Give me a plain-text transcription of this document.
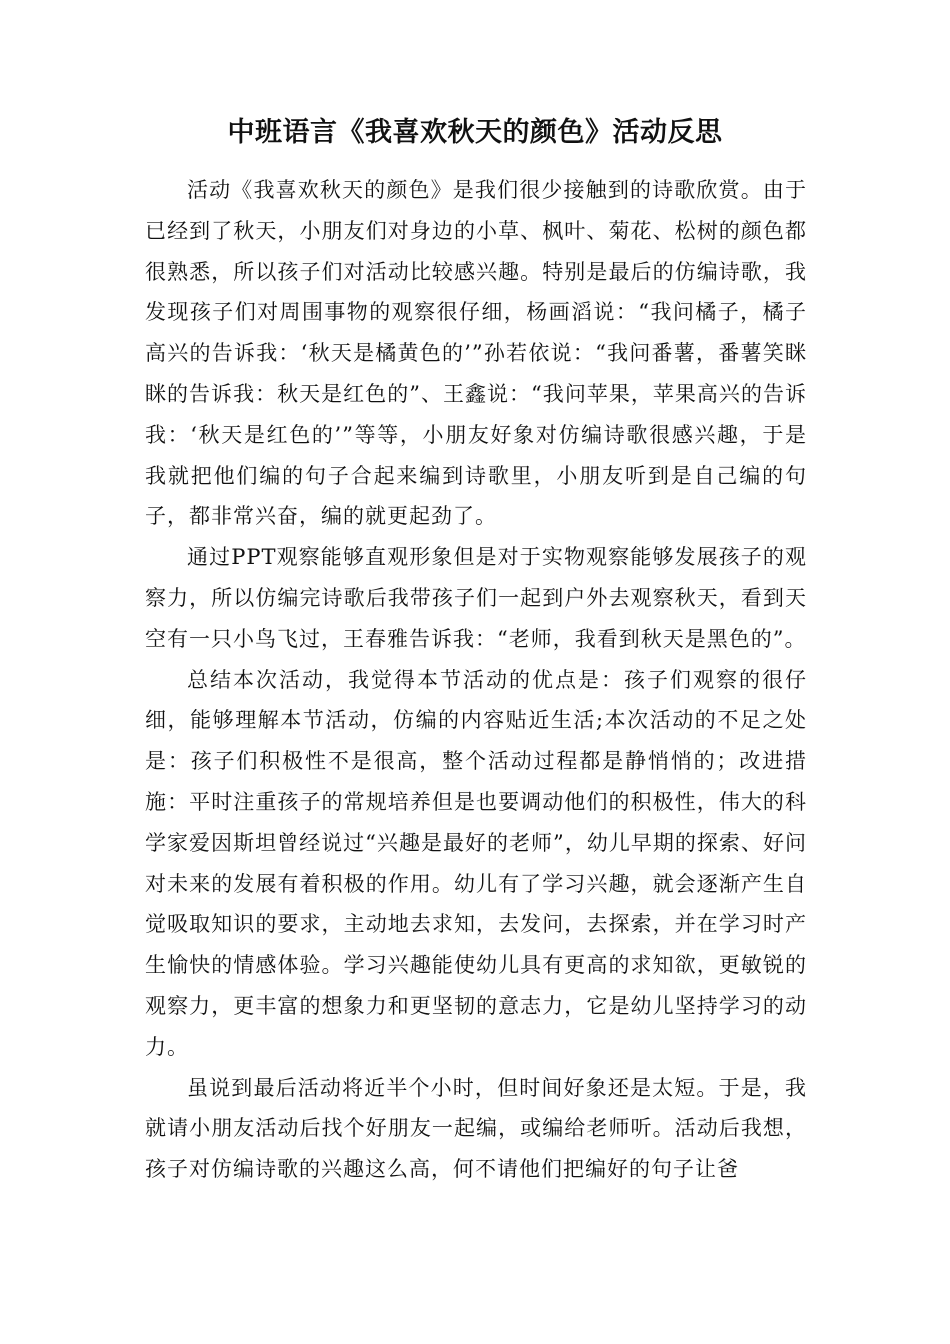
中班语言《我喜欢秋天的颜色》活动反思

活动《我喜欢秋天的颜色》是我们很少接触到的诗歌欣赏。由于已经到了秋天，小朋友们对身边的小草、枫叶、菊花、松树的颜色都很熟悉，所以孩子们对活动比较感兴趣。特别是最后的仿编诗歌，我发现孩子们对周围事物的观察很仔细，杨画滔说：“我问橘子，橘子高兴的告诉我：‘秋天是橘黄色的’”孙若依说：“我问番薯，番薯笑眯眯的告诉我：秋天是红色的”、王鑫说：“我问苹果，苹果高兴的告诉我：‘秋天是红色的’”等等，小朋友好象对仿编诗歌很感兴趣，于是我就把他们编的句子合起来编到诗歌里，小朋友听到是自己编的句子，都非常兴奋，编的就更起劲了。

通过PPT观察能够直观形象但是对于实物观察能够发展孩子的观察力，所以仿编完诗歌后我带孩子们一起到户外去观察秋天，看到天空有一只小鸟飞过，王春雅告诉我：“老师，我看到秋天是黑色的”。

总结本次活动，我觉得本节活动的优点是：孩子们观察的很仔细，能够理解本节活动，仿编的内容贴近生活;本次活动的不足之处是：孩子们积极性不是很高，整个活动过程都是静悄悄的；改进措施：平时注重孩子的常规培养但是也要调动他们的积极性，伟大的科学家爱因斯坦曾经说过“兴趣是最好的老师”，幼儿早期的探索、好问对未来的发展有着积极的作用。幼儿有了学习兴趣，就会逐渐产生自觉吸取知识的要求，主动地去求知，去发问，去探索，并在学习时产生愉快的情感体验。学习兴趣能使幼儿具有更高的求知欲，更敏锐的观察力，更丰富的想象力和更坚韧的意志力，它是幼儿坚持学习的动力。

虽说到最后活动将近半个小时，但时间好象还是太短。于是，我就请小朋友活动后找个好朋友一起编，或编给老师听。活动后我想，孩子对仿编诗歌的兴趣这么高，何不请他们把编好的句子让爸
